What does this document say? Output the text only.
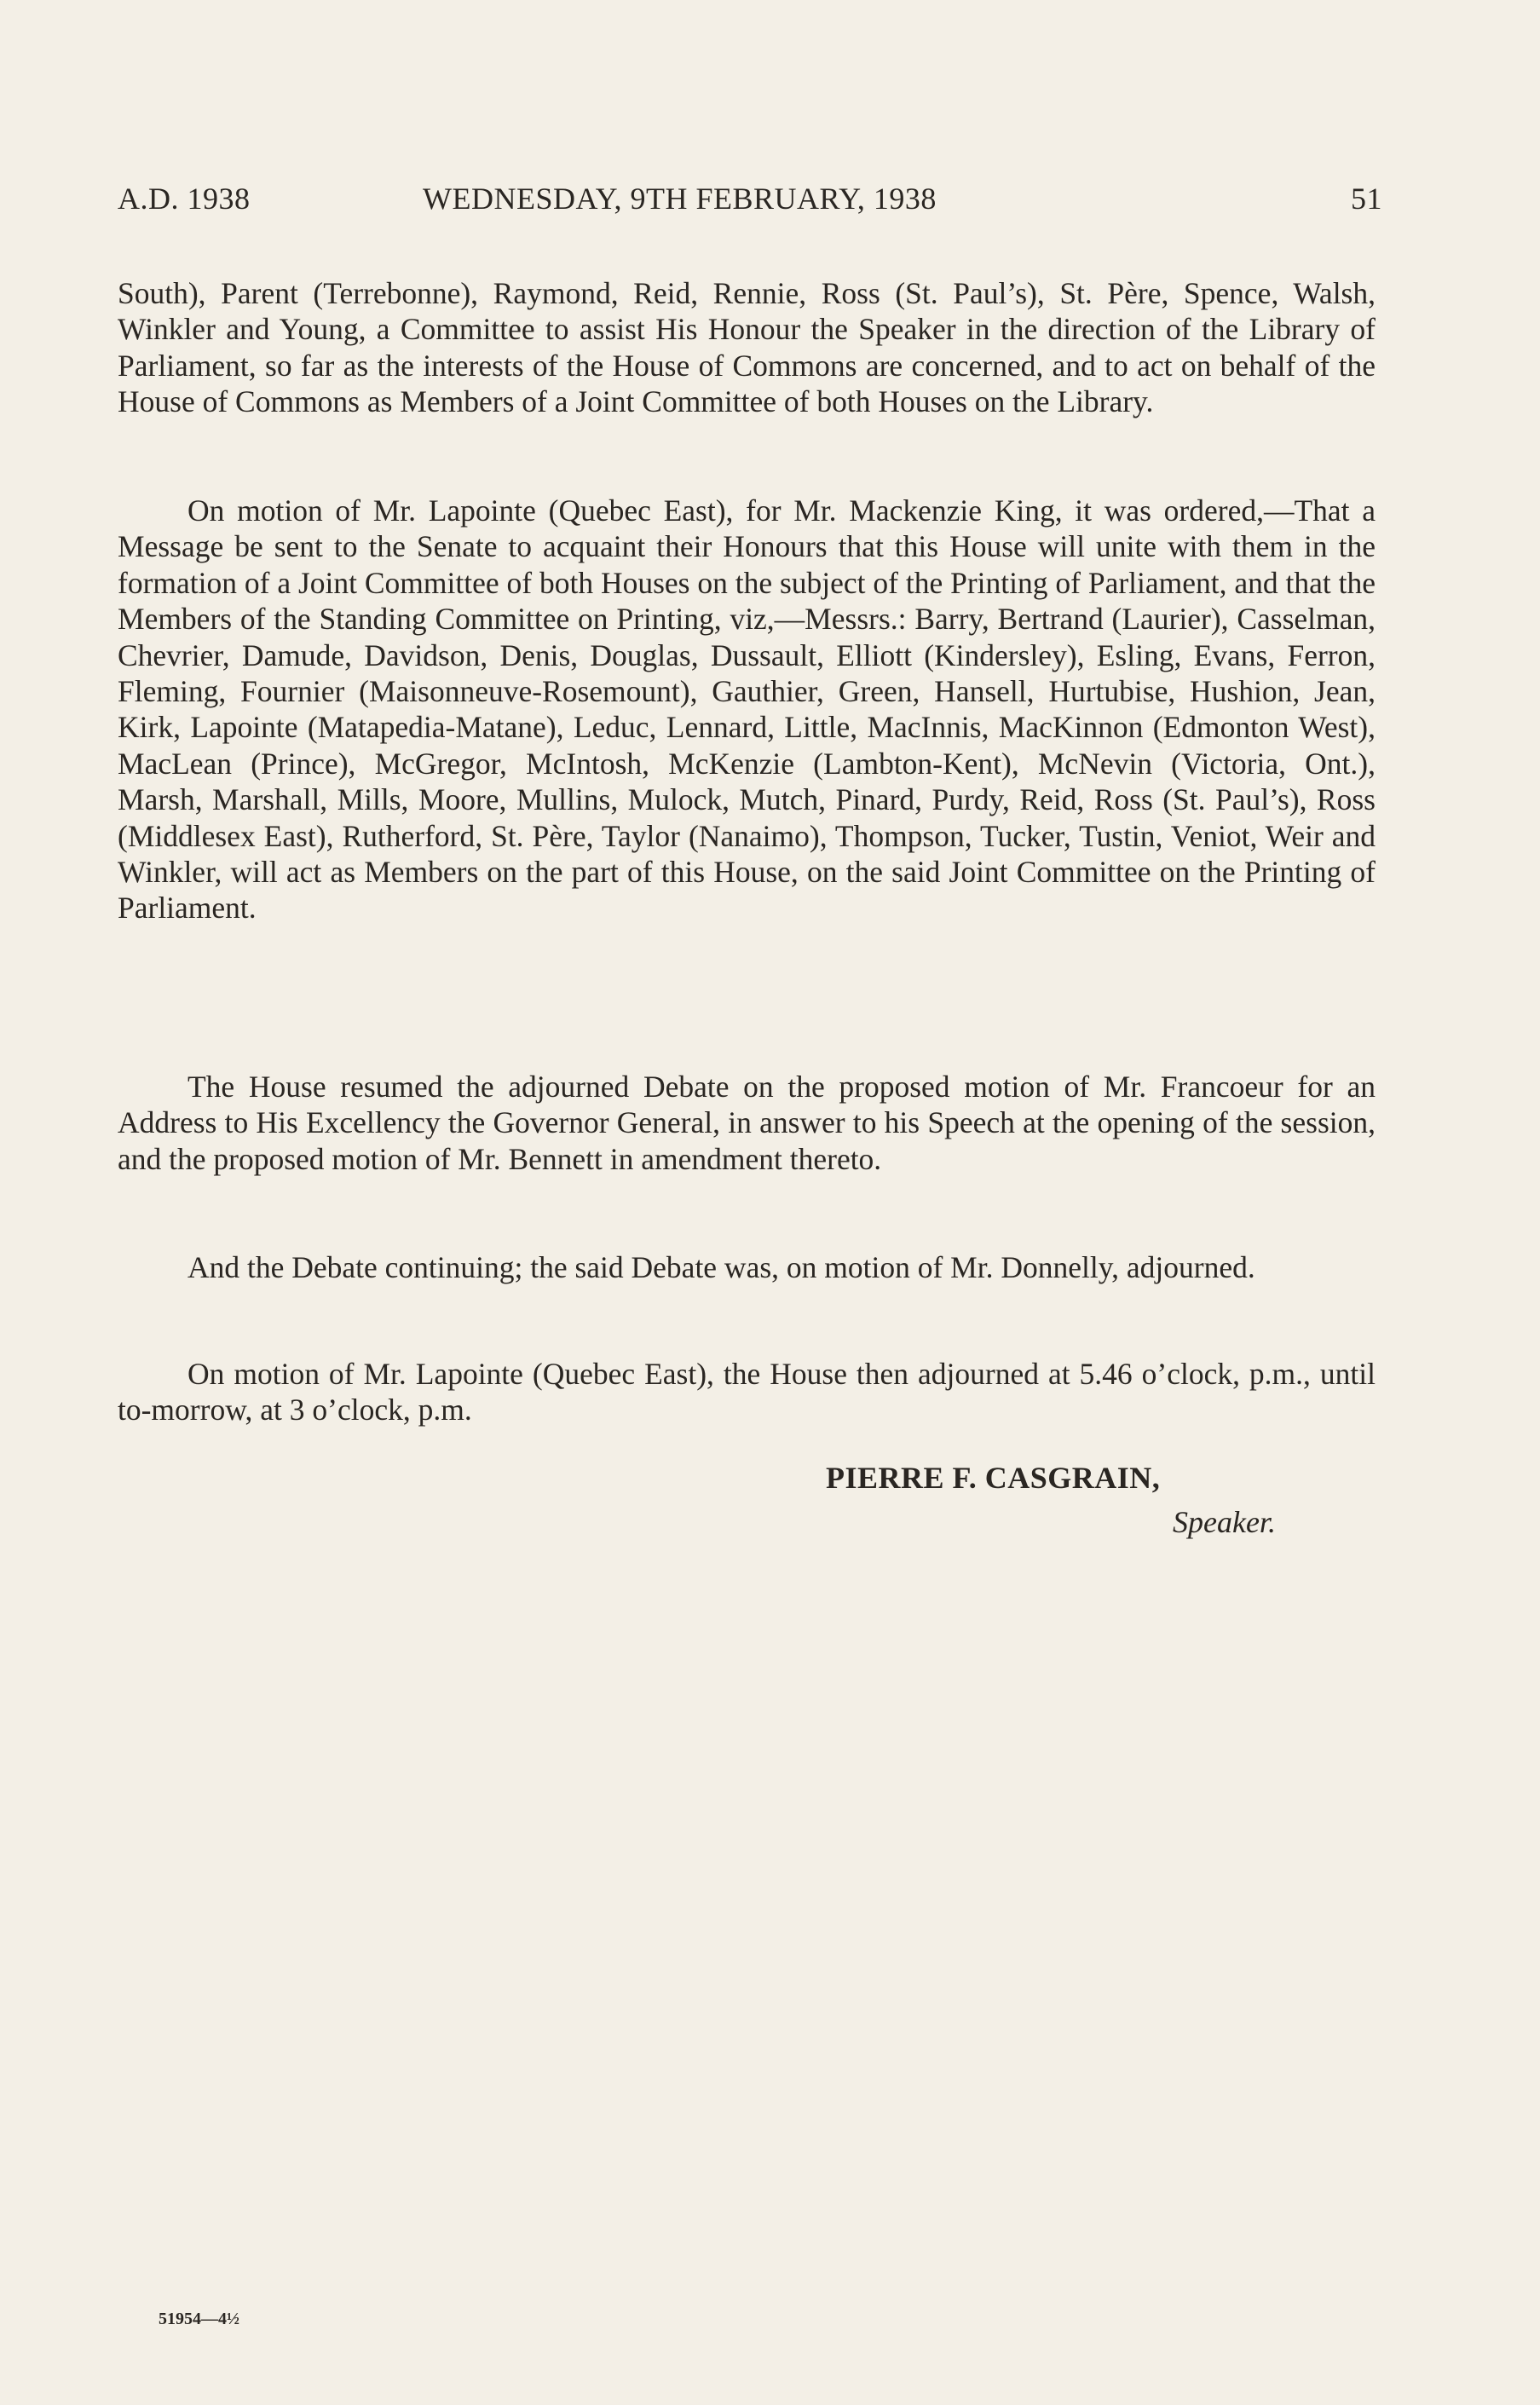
A.D. 1938	WEDNESDAY, 9TH FEBRUARY, 1938	51

South), Parent (Terrebonne), Raymond, Reid, Rennie, Ross (St. Paul’s), St. Père, Spence, Walsh, Winkler and Young, a Committee to assist His Honour the Speaker in the direction of the Library of Parliament, so far as the interests of the House of Commons are concerned, and to act on behalf of the House of Commons as Members of a Joint Committee of both Houses on the Library.

On motion of Mr. Lapointe (Quebec East), for Mr. Mackenzie King, it was ordered,—That a Message be sent to the Senate to acquaint their Honours that this House will unite with them in the formation of a Joint Committee of both Houses on the subject of the Printing of Parliament, and that the Members of the Standing Committee on Printing, viz,—Messrs.: Barry, Bertrand (Laurier), Casselman, Chevrier, Damude, Davidson, Denis, Douglas, Dussault, Elliott (Kindersley), Esling, Evans, Ferron, Fleming, Fournier (Maisonneuve-Rosemount), Gauthier, Green, Hansell, Hurtubise, Hushion, Jean, Kirk, Lapointe (Matapedia-Matane), Leduc, Lennard, Little, MacInnis, MacKinnon (Edmonton West), MacLean (Prince), McGregor, McIntosh, McKenzie (Lambton-Kent), McNevin (Victoria, Ont.), Marsh, Marshall, Mills, Moore, Mullins, Mulock, Mutch, Pinard, Purdy, Reid, Ross (St. Paul’s), Ross (Middlesex East), Rutherford, St. Père, Taylor (Nanaimo), Thompson, Tucker, Tustin, Veniot, Weir and Winkler, will act as Members on the part of this House, on the said Joint Committee on the Printing of Parliament.

The House resumed the adjourned Debate on the proposed motion of Mr. Francoeur for an Address to His Excellency the Governor General, in answer to his Speech at the opening of the session, and the proposed motion of Mr. Bennett in amendment thereto.

And the Debate continuing; the said Debate was, on motion of Mr. Donnelly, adjourned.

On motion of Mr. Lapointe (Quebec East), the House then adjourned at 5.46 o’clock, p.m., until to-morrow, at 3 o’clock, p.m.

PIERRE F. CASGRAIN,
Speaker.
51954—4½
